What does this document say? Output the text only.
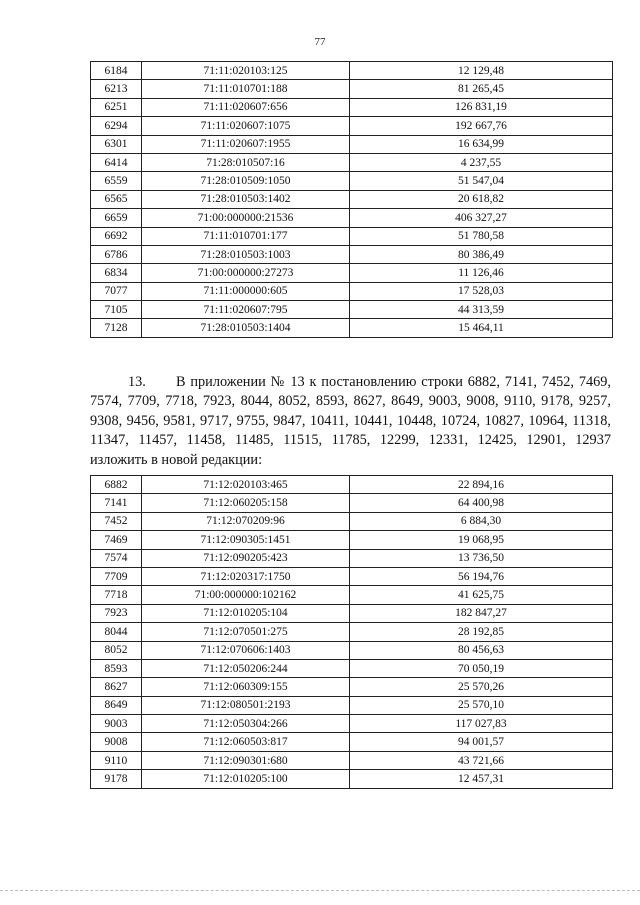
77
6184	71:11:020103:125	12 129,48
6213	71:11:010701:188	81 265,45
6251	71:11:020607:656	126 831,19
6294	71:11:020607:1075	192 667,76
6301	71:11:020607:1955	16 634,99
6414	71:28:010507:16	4 237,55
6559	71:28:010509:1050	51 547,04
6565	71:28:010503:1402	20 618,82
6659	71:00:000000:21536	406 327,27
6692	71:11:010701:177	51 780,58
6786	71:28:010503:1003	80 386,49
6834	71:00:000000:27273	11 126,46
7077	71:11:000000:605	17 528,03
7105	71:11:020607:795	44 313,59
7128	71:28:010503:1404	15 464,11
13. В приложении № 13 к постановлению строки 6882, 7141, 7452, 7469, 7574, 7709, 7718, 7923, 8044, 8052, 8593, 8627, 8649, 9003, 9008, 9110, 9178, 9257, 9308, 9456, 9581, 9717, 9755, 9847, 10411, 10441, 10448, 10724, 10827, 10964, 11318, 11347, 11457, 11458, 11485, 11515, 11785, 12299, 12331, 12425, 12901, 12937 изложить в новой редакции:
6882	71:12:020103:465	22 894,16
7141	71:12:060205:158	64 400,98
7452	71:12:070209:96	6 884,30
7469	71:12:090305:1451	19 068,95
7574	71:12:090205:423	13 736,50
7709	71:12:020317:1750	56 194,76
7718	71:00:000000:102162	41 625,75
7923	71:12:010205:104	182 847,27
8044	71:12:070501:275	28 192,85
8052	71:12:070606:1403	80 456,63
8593	71:12:050206:244	70 050,19
8627	71:12:060309:155	25 570,26
8649	71:12:080501:2193	25 570,10
9003	71:12:050304:266	117 027,83
9008	71:12:060503:817	94 001,57
9110	71:12:090301:680	43 721,66
9178	71:12:010205:100	12 457,31
